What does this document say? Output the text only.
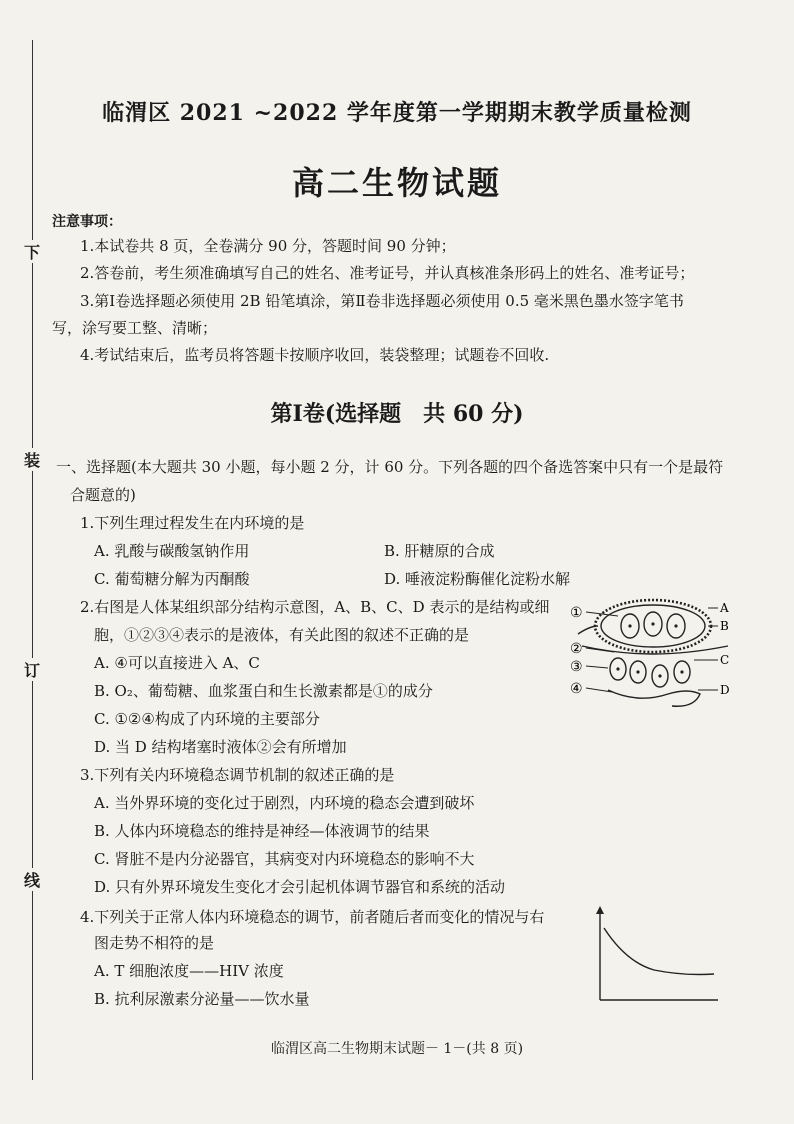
下
装
订
线
临渭区 2021 ~2022 学年度第一学期期末教学质量检测
高二生物试题
注意事项：
1.本试卷共 8 页，全卷满分 90 分，答题时间 90 分钟；
2.答卷前，考生须准确填写自己的姓名、准考证号，并认真核准条形码上的姓名、准考证号；
3.第Ⅰ卷选择题必须使用 2B 铅笔填涂，第Ⅱ卷非选择题必须使用 0.5 毫米黑色墨水签字笔书
写，涂写要工整、清晰；
4.考试结束后，监考员将答题卡按顺序收回，装袋整理；试题卷不回收.
第Ⅰ卷(选择题　共 60 分)
一、选择题(本大题共 30 小题，每小题 2 分，计 60 分。下列各题的四个备选答案中只有一个是最符
合题意的)
1.下列生理过程发生在内环境的是
A. 乳酸与碳酸氢钠作用	B. 肝糖原的合成
C. 葡萄糖分解为丙酮酸	D. 唾液淀粉酶催化淀粉水解
2.右图是人体某组织部分结构示意图，A、B、C、D 表示的是结构或细
胞，①②③④表示的是液体，有关此图的叙述不正确的是
A. ④可以直接进入 A、C
B. O₂、葡萄糖、血浆蛋白和生长激素都是①的成分
C. ①②④构成了内环境的主要部分
D. 当 D 结构堵塞时液体②会有所增加
①
②
③
④
A
B
C
D
3.下列有关内环境稳态调节机制的叙述正确的是
A. 当外界环境的变化过于剧烈，内环境的稳态会遭到破坏
B. 人体内环境稳态的维持是神经—体液调节的结果
C. 肾脏不是内分泌器官，其病变对内环境稳态的影响不大
D. 只有外界环境发生变化才会引起机体调节器官和系统的活动
4.下列关于正常人体内环境稳态的调节，前者随后者而变化的情况与右
图走势不相符的是
A. T 细胞浓度——HIV 浓度
B. 抗利尿激素分泌量——饮水量
临渭区高二生物期末试题－ 1－(共 8 页)
